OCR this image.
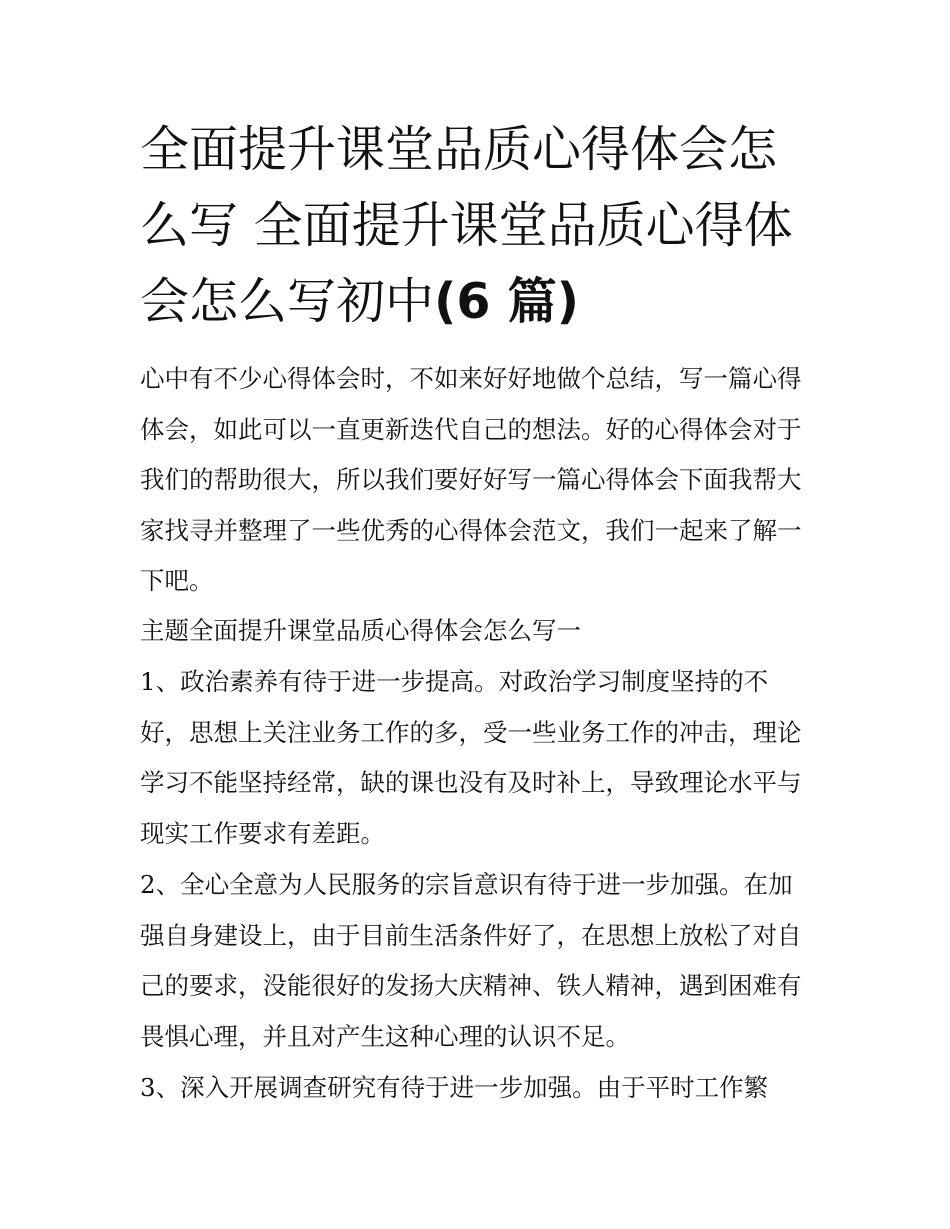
全面提升课堂品质心得体会怎么写 全面提升课堂品质心得体会怎么写初中(6 篇)

心中有不少心得体会时，不如来好好地做个总结，写一篇心得体会，如此可以一直更新迭代自己的想法。好的心得体会对于我们的帮助很大，所以我们要好好写一篇心得体会下面我帮大家找寻并整理了一些优秀的心得体会范文，我们一起来了解一下吧。

主题全面提升课堂品质心得体会怎么写一

1、政治素养有待于进一步提高。对政治学习制度坚持的不好，思想上关注业务工作的多，受一些业务工作的冲击，理论学习不能坚持经常，缺的课也没有及时补上，导致理论水平与现实工作要求有差距。

2、全心全意为人民服务的宗旨意识有待于进一步加强。在加强自身建设上，由于目前生活条件好了，在思想上放松了对自己的要求，没能很好的发扬大庆精神、铁人精神，遇到困难有畏惧心理，并且对产生这种心理的认识不足。

3、深入开展调查研究有待于进一步加强。由于平时工作繁
